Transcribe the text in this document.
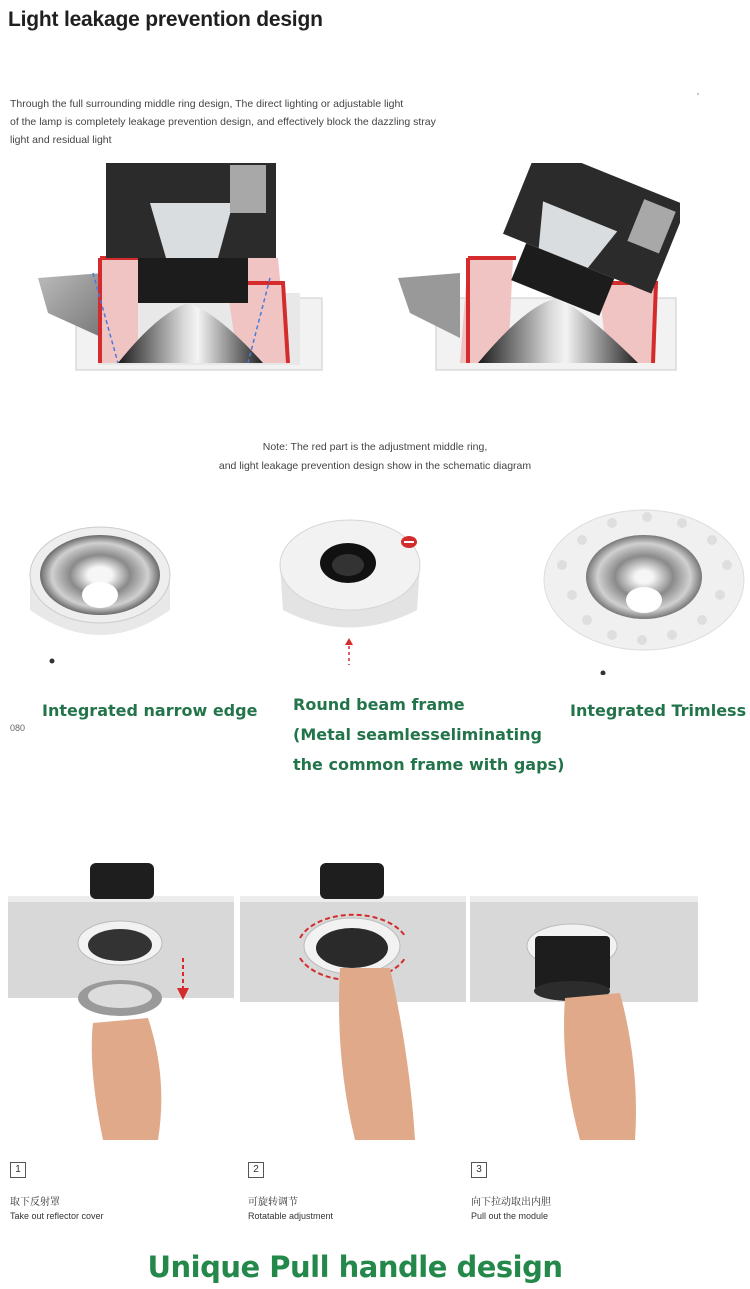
Light leakage prevention design
ʼ
Through the full surrounding middle ring design, The direct lighting or adjustable light
of the lamp is completely leakage prevention design, and effectively block the dazzling stray
light and residual light
Note: The red part is the adjustment middle ring,
and light leakage prevention design show in the schematic diagram
Integrated narrow edge Round beam frame
(Metal seamlesseliminating
the common frame with gaps)
Integrated Trimless
080
1
取下反射罩
Take out reflector cover
2
可旋转调节
Rotatable adjustment
3
向下拉动取出内胆
Pull out the module
Unique Pull handle design
